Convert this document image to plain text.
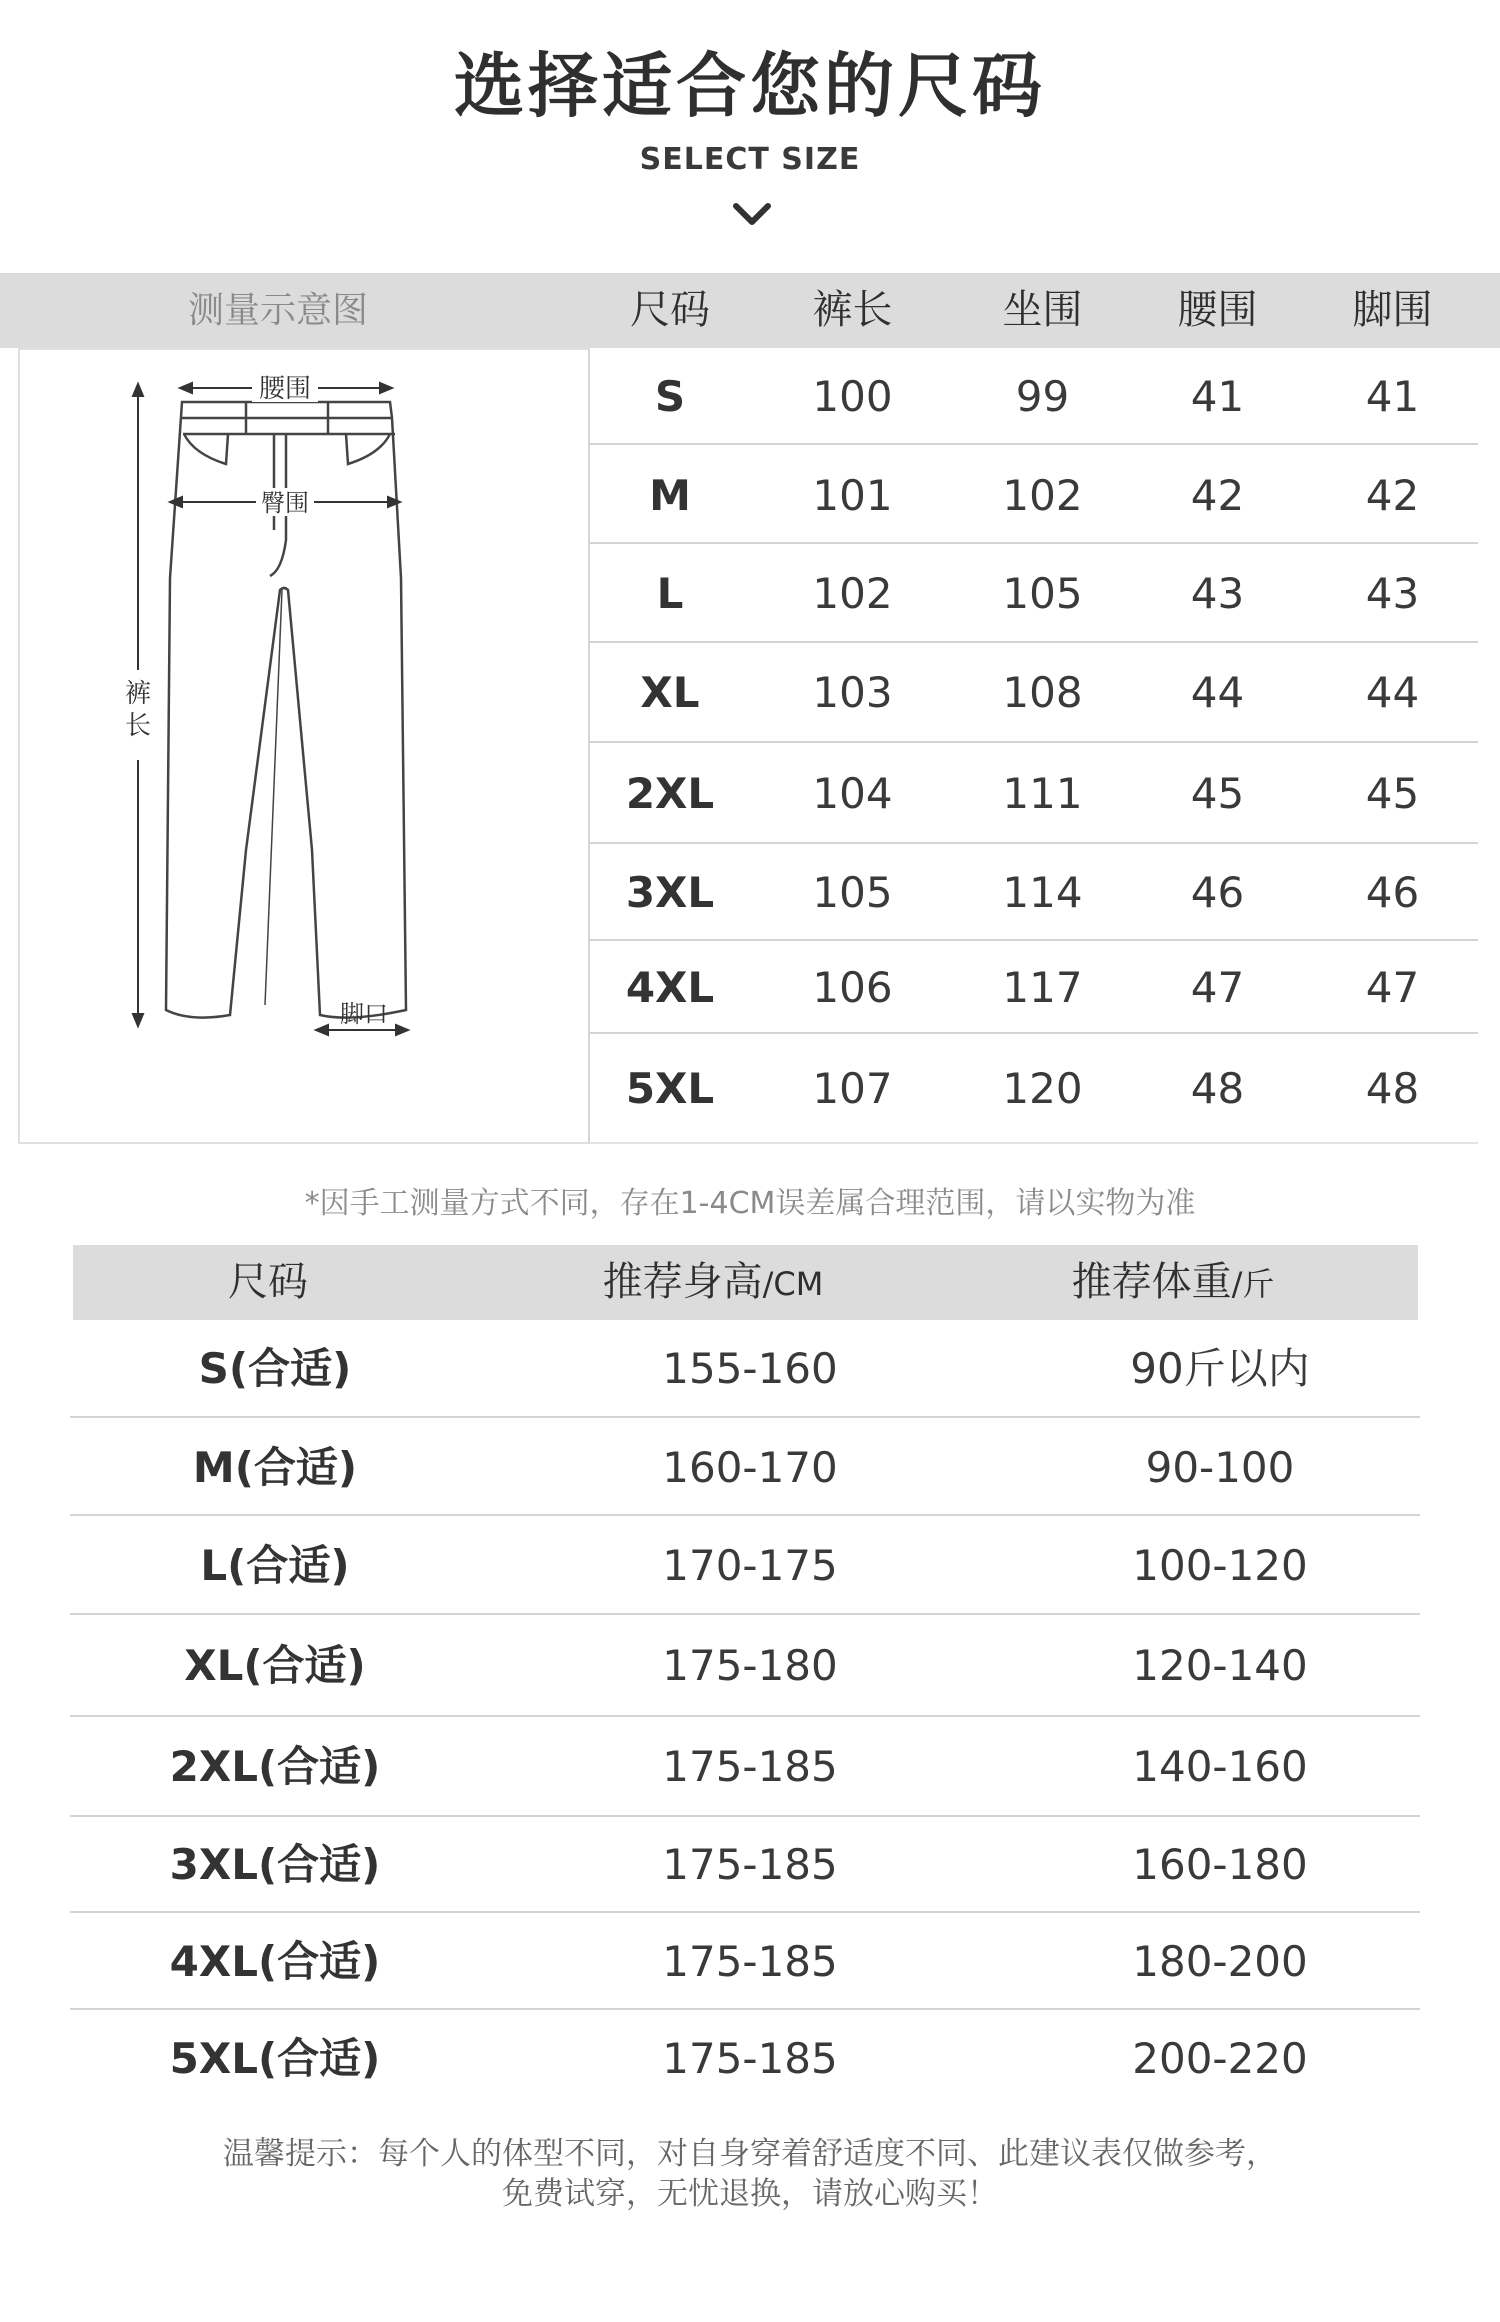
选择适合您的尺码
SELECT SIZE
测量示意图	尺码	裤长	坐围	腰围	脚围
腰围
臀围
裤
长
脚口
S	100	99	41	41
M	101	102	42	42
L	102	105	43	43
XL	103	108	44	44
2XL	104	111	45	45
3XL	105	114	46	46
4XL	106	117	47	47
5XL	107	120	48	48
*因手工测量方式不同，存在1-4CM误差属合理范围，请以实物为准
尺码	推荐身高/CM	推荐体重/斤
S(合适)	155-160	90斤以内
M(合适)	160-170	90-100
L(合适)	170-175	100-120
XL(合适)	175-180	120-140
2XL(合适)	175-185	140-160
3XL(合适)	175-185	160-180
4XL(合适)	175-185	180-200
5XL(合适)	175-185	200-220
温馨提示：每个人的体型不同，对自身穿着舒适度不同、此建议表仅做参考，
免费试穿，无忧退换，请放心购买！
